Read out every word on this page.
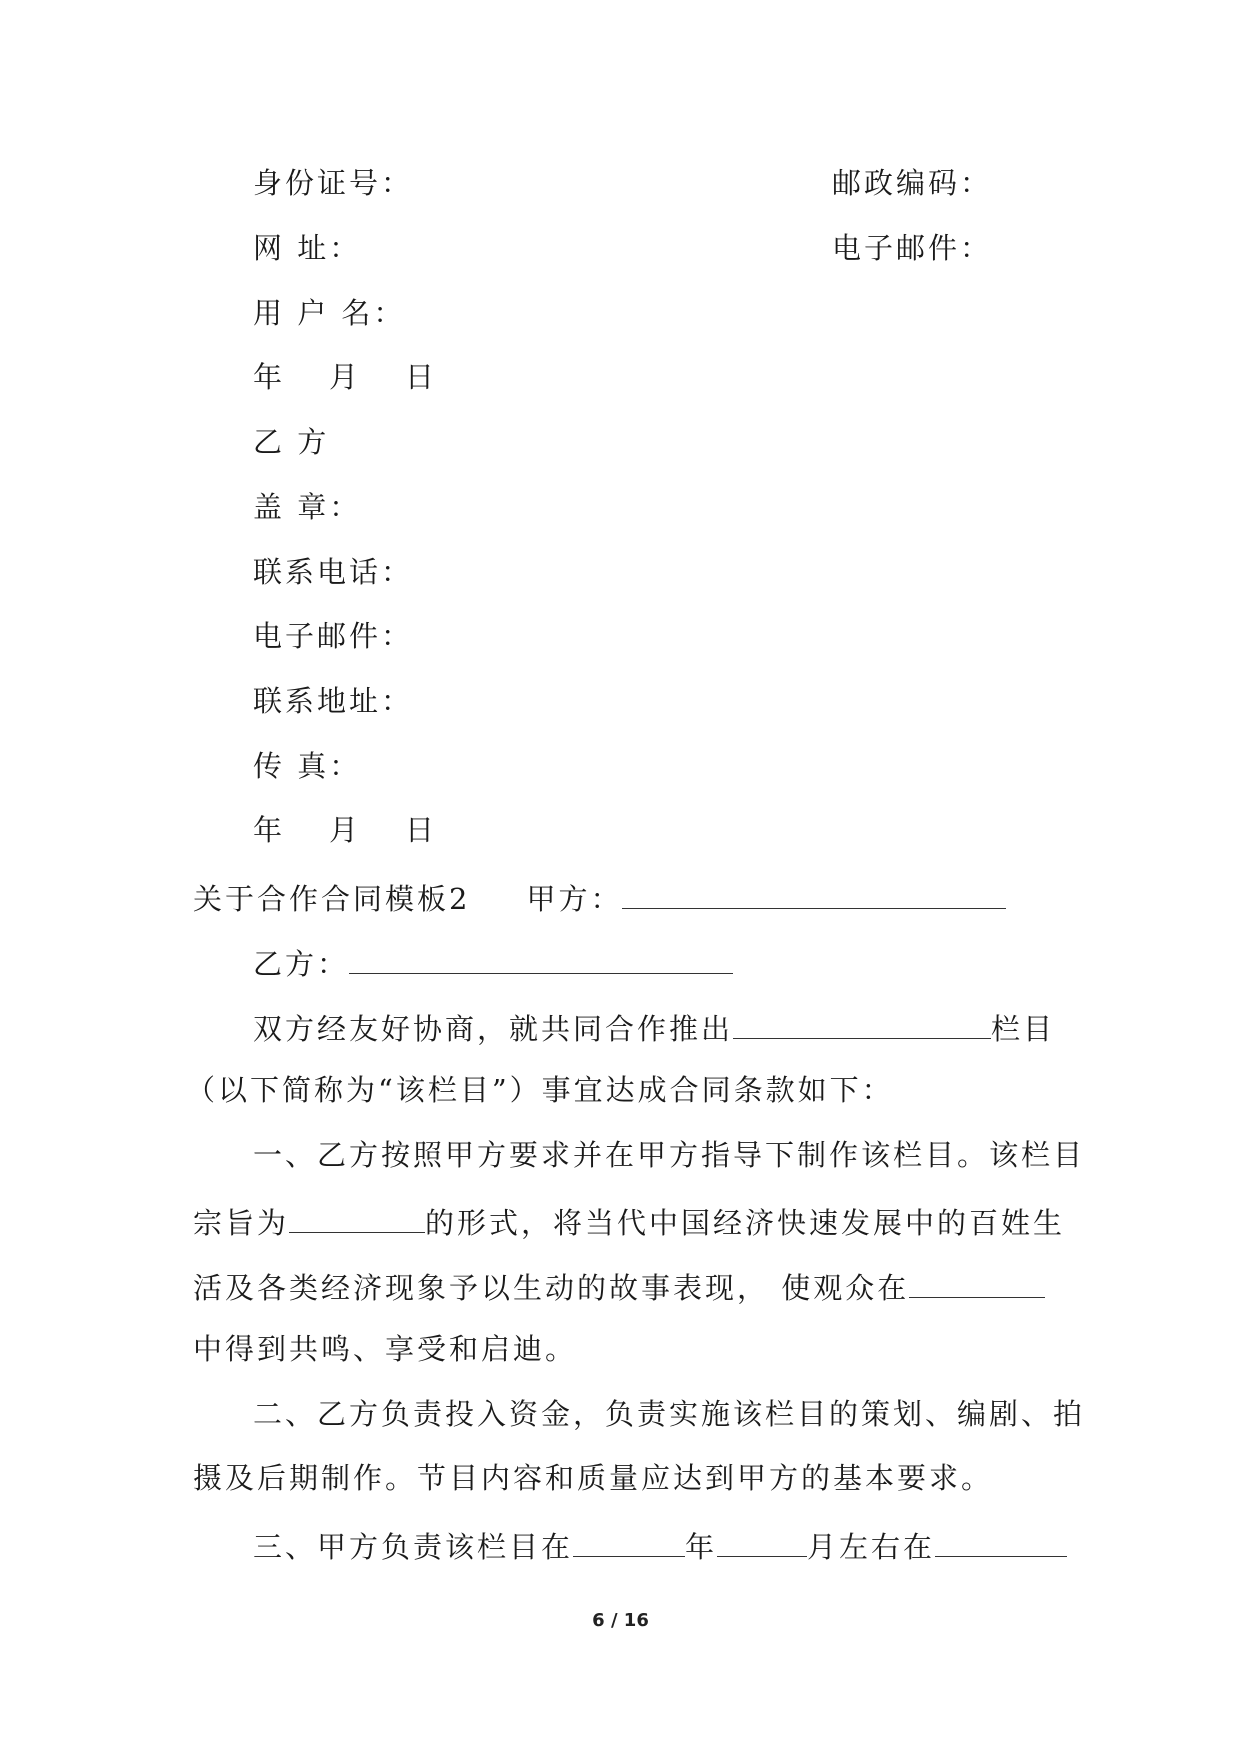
身份证号：	邮政编码：
网 址：	电子邮件：
用 户 名：
年 月 日
乙 方
盖 章：
联系电话：
电子邮件：
联系地址：
传 真：
年 月 日
关于合作合同模板2 甲方：
乙方：
双方经友好协商，就共同合作推出	栏目
（以下简称为“该栏目”）事宜达成合同条款如下：
一、乙方按照甲方要求并在甲方指导下制作该栏目。该栏目
宗旨为	的形式，将当代中国经济快速发展中的百姓生
活及各类经济现象予以生动的故事表现， 使观众在
中得到共鸣、享受和启迪。
二、乙方负责投入资金，负责实施该栏目的策划、编剧、拍
摄及后期制作。节目内容和质量应达到甲方的基本要求。
三、甲方负责该栏目在	年	月左右在
6 / 16
